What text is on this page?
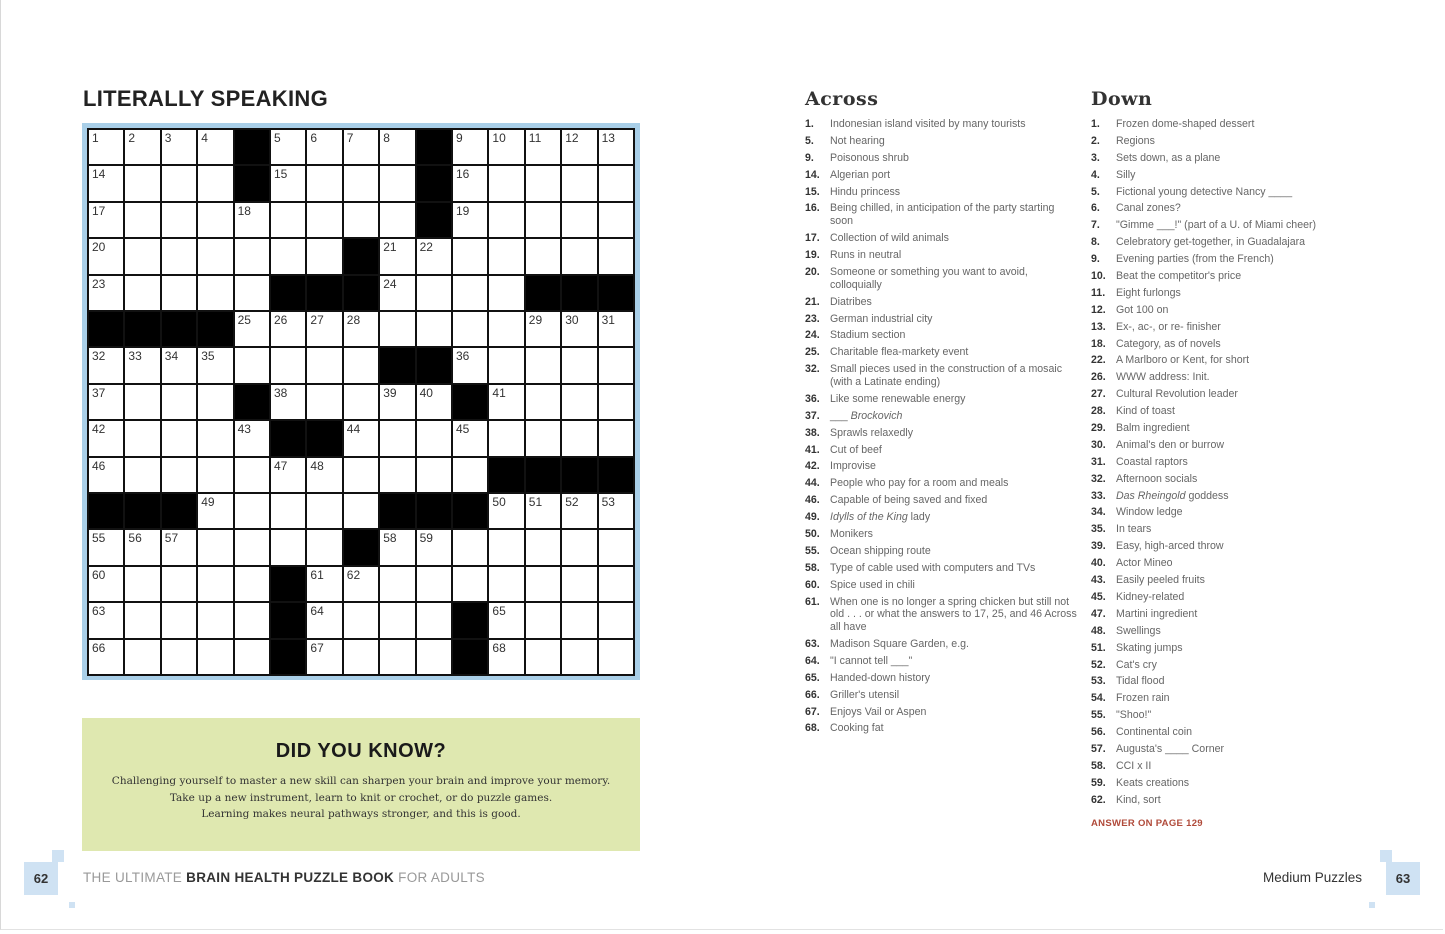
LITERALLY SPEAKING
1 2 3 4	5 6 7 8	9 10 11 12 13
14	15	16
17	18	19
20	21 22
23	24
25 26 27 28	29 30 31
32 33 34 35	36
37	38	39 40	41
42	43	44	45
46	47 48
49	50 51 52 53
55 56 57	58 59
60	61 62
63	64	65
66	67	68
DID YOU KNOW?

Challenging yourself to master a new skill can sharpen your brain and improve your memory.

Take up a new instrument, learn to knit or crochet, or do puzzle games.

Learning makes neural pathways stronger, and this is good.

Across
1.	Indonesian island visited by many tourists
5.	Not hearing
9.	Poisonous shrub
14. Algerian port
15. Hindu princess
16. Being chilled, in anticipation of the party starting soon
17. Collection of wild animals
19. Runs in neutral
20. Someone or something you want to avoid, colloquially
21. Diatribes
23. German industrial city
24. Stadium section
25. Charitable flea-markety event
32. Small pieces used in the construction of a mosaic (with a Latinate ending)
36. Like some renewable energy
37. ___ Brockovich
38. Sprawls relaxedly
41. Cut of beef
42. Improvise
44. People who pay for a room and meals
46. Capable of being saved and fixed
49. Idylls of the King lady
50. Monikers
55. Ocean shipping route
58. Type of cable used with computers and TVs
60. Spice used in chili
61. When one is no longer a spring chicken but still not old . . . or what the answers to 17, 25, and 46 Across all have
63. Madison Square Garden, e.g.
64. "I cannot tell ___"
65. Handed-down history
66. Griller's utensil
67. Enjoys Vail or Aspen
68. Cooking fat
Down
1.	Frozen dome-shaped dessert
2.	Regions
3.	Sets down, as a plane
4.	Silly
5.	Fictional young detective Nancy ____
6.	Canal zones?
7.	"Gimme ___!" (part of a U. of Miami cheer)
8.	Celebratory get-together, in Guadalajara
9.	Evening parties (from the French)
10. Beat the competitor's price
11.	Eight furlongs
12. Got 100 on
13. Ex-, ac-, or re- finisher
18. Category, as of novels
22. A Marlboro or Kent, for short
26. WWW address: Init.
27. Cultural Revolution leader
28. Kind of toast
29. Balm ingredient
30. Animal's den or burrow
31. Coastal raptors
32. Afternoon socials
33. Das Rheingold goddess
34. Window ledge
35. In tears
39. Easy, high-arced throw
40. Actor Mineo
43. Easily peeled fruits
45. Kidney-related
47. Martini ingredient
48. Swellings
51. Skating jumps
52. Cat's cry
53. Tidal flood
54. Frozen rain
55. "Shoo!"
56. Continental coin
57. Augusta's ____ Corner
58. CCI x II
59. Keats creations
62. Kind, sort
ANSWER ON PAGE 129
62	THE ULTIMATE BRAIN HEALTH PUZZLE BOOK FOR ADULTS	Medium Puzzles	63
